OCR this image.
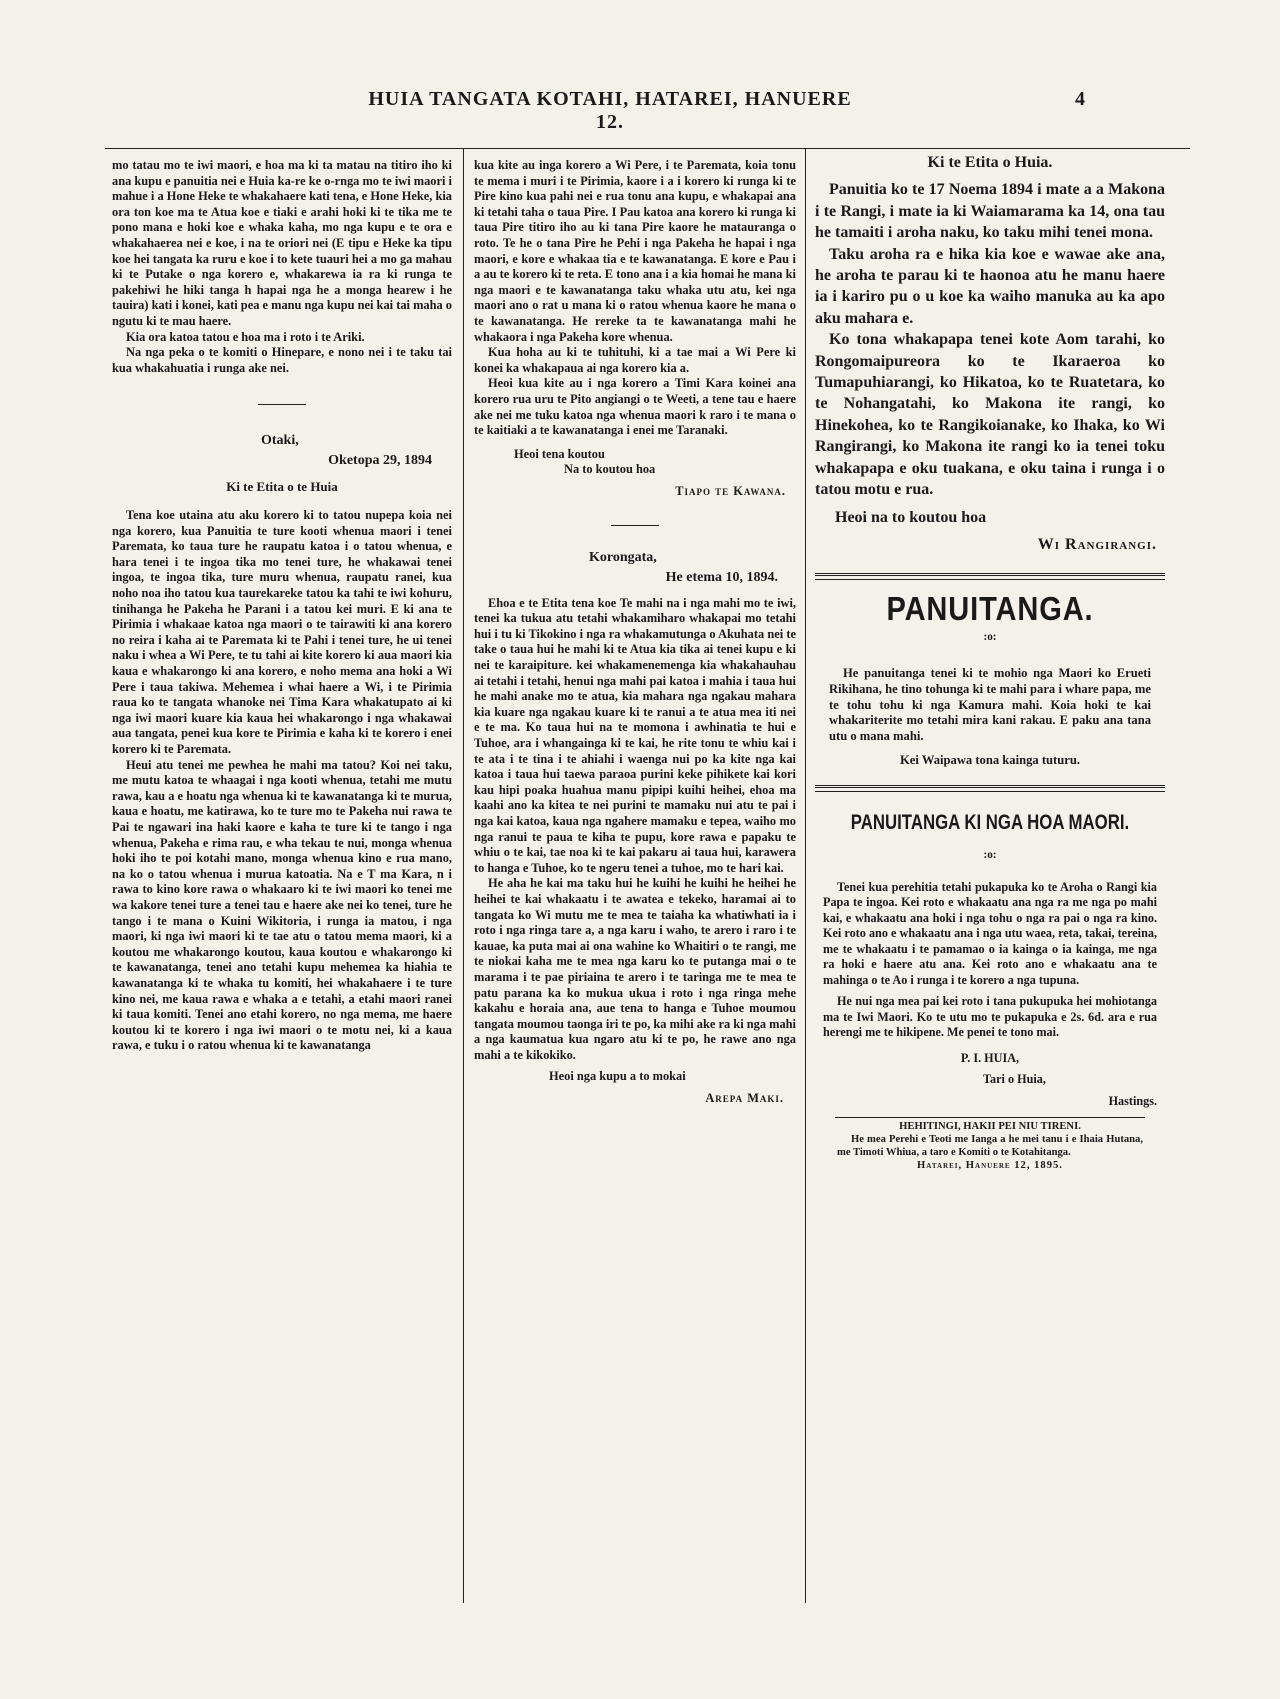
HUIA TANGATA KOTAHI, HATAREI, HANUERE 12.
4

mo tatau mo te iwi maori, e hoa ma ki ta matau na titiro iho ki ana kupu e panuitia nei e Huia ka-re ke o-rnga mo te iwi maori i mahue i a Hone Heke te whakahaere kati tena, e Hone Heke, kia ora ton koe ma te Atua koe e tiaki e arahi hoki ki te tika me te pono mana e hoki koe e whaka kaha, mo nga kupu e te ora e whakahaerea nei e koe, i na te oriori nei (E tipu e Heke ka tipu koe hei tangata ka ruru e koe i to kete tuauri hei a mo ga mahau ki te Putake o nga korero e, whakarewa ia ra ki runga te pakehiwi he hiki tanga h hapai nga he a monga hearew i he tauira) kati i konei, kati pea e manu nga kupu nei kai tai maha o ngutu ki te mau haere.

Kia ora katoa tatou e hoa ma i roto i te Ariki.

Na nga peka o te komiti o Hinepare, e nono nei i te taku tai kua whakahuatia i runga ake nei.

Otaki,

Oketopa 29, 1894

Ki te Etita o te Huia

Tena koe utaina atu aku korero ki to tatou nupepa koia nei nga korero, kua Panuitia te ture kooti whenua maori i tenei Paremata, ko taua ture he raupatu katoa i o tatou whenua, e hara tenei i te ingoa tika mo tenei ture, he whakawai tenei ingoa, te ingoa tika, ture muru whenua, raupatu ranei, kua noho noa iho tatou kua taurekareke tatou ka tahi te iwi kohuru, tinihanga he Pakeha he Parani i a tatou kei muri. E ki ana te Pirimia i whakaae katoa nga maori o te tairawiti ki ana korero no reira i kaha ai te Paremata ki te Pahi i tenei ture, he ui tenei naku i whea a Wi Pere, te tu tahi ai kite korero ki aua maori kia kaua e whakarongo ki ana korero, e noho mema ana hoki a Wi Pere i taua takiwa. Mehemea i whai haere a Wi, i te Pirimia raua ko te tangata whanoke nei Tima Kara whakatupato ai ki nga iwi maori kuare kia kaua hei whakarongo i nga whakawai aua tangata, penei kua kore te Pirimia e kaha ki te korero i enei korero ki te Paremata.

Heui atu tenei me pewhea he mahi ma tatou? Koi nei taku, me mutu katoa te whaagai i nga kooti whenua, tetahi me mutu rawa, kau a e hoatu nga whenua ki te kawanatanga ki te murua, kaua e hoatu, me katirawa, ko te ture mo te Pakeha nui rawa te Pai te ngawari ina haki kaore e kaha te ture ki te tango i nga whenua, Pakeha e rima rau, e wha tekau te nui, monga whenua hoki iho te poi kotahi mano, monga whenua kino e rua mano, na ko o tatou whenua i murua katoatia. Na e T ma Kara, n i rawa to kino kore rawa o whakaaro ki te iwi maori ko tenei me wa kakore tenei ture a tenei tau e haere ake nei ko tenei, ture he tango i te mana o Kuini Wikitoria, i runga ia matou, i nga maori, ki nga iwi maori ki te tae atu o tatou mema maori, ki a koutou me whakarongo koutou, kaua koutou e whakarongo ki te kawanatanga, tenei ano tetahi kupu mehemea ka hiahia te kawanatanga ki te whaka tu komiti, hei whakahaere i te ture kino nei, me kaua rawa e whaka a e tetahi, a etahi maori ranei ki taua komiti. Tenei ano etahi korero, no nga mema, me haere koutou ki te korero i nga iwi maori o te motu nei, ki a kaua rawa, e tuku i o ratou whenua ki te kawanatanga

kua kite au inga korero a Wi Pere, i te Paremata, koia tonu te mema i muri i te Pirimia, kaore i a i korero ki runga ki te Pire kino kua pahi nei e rua tonu ana kupu, e whakapai ana ki tetahi taha o taua Pire. I Pau katoa ana korero ki runga ki taua Pire titiro iho au ki tana Pire kaore he matauranga o roto. Te he o tana Pire he Pehi i nga Pakeha he hapai i nga maori, e kore e whakaa tia e te kawanatanga. E kore e Pau i a au te korero ki te reta. E tono ana i a kia homai he mana ki nga maori e te kawanatanga taku whaka utu atu, kei nga maori ano o rat u mana ki o ratou whenua kaore he mana o te kawanatanga. He rereke ta te kawanatanga mahi he whakaora i nga Pakeha kore whenua.

Kua hoha au ki te tuhituhi, ki a tae mai a Wi Pere ki konei ka whakapaua ai nga korero kia a.

Heoi kua kite au i nga korero a Timi Kara koinei ana korero rua uru te Pito angiangi o te Weeti, a tene tau e haere ake nei me tuku katoa nga whenua maori k raro i te mana o te kaitiaki a te kawanatanga i enei me Taranaki.

Heoi tena koutou

Na to koutou hoa

Tiapo te Kawana.

Korongata,

He etema 10, 1894.

Ehoa e te Etita tena koe Te mahi na i nga mahi mo te iwi, tenei ka tukua atu tetahi whakamiharo whakapai mo tetahi hui i tu ki Tikokino i nga ra whakamutunga o Akuhata nei te take o taua hui he mahi ki te Atua kia tika ai tenei kupu e ki nei te karaipiture. kei whakamenemenga kia whakahauhau ai tetahi i tetahi, henui nga mahi pai katoa i mahia i taua hui he mahi anake mo te atua, kia mahara nga ngakau mahara kia kuare nga ngakau kuare ki te ranui a te atua mea iti nei e te ma. Ko taua hui na te momona i awhinatia te hui e Tuhoe, ara i whangainga ki te kai, he rite tonu te whiu kai i te ata i te tina i te ahiahi i waenga nui po ka kite nga kai katoa i taua hui taewa paraoa purini keke pihikete kai kori kau hipi poaka huahua manu pipipi kuihi heihei, ehoa ma kaahi ano ka kitea te nei purini te mamaku nui atu te pai i nga kai katoa, kaua nga ngahere mamaku e tepea, waiho mo nga ranui te paua te kiha te pupu, kore rawa e papaku te whiu o te kai, tae noa ki te kai pakaru ai taua hui, karawera to hanga e Tuhoe, ko te ngeru tenei a tuhoe, mo te hari kai.

He aha he kai ma taku hui he kuihi he kuihi he heihei he heihei te kai whakaatu i te awatea e tekeko, haramai ai to tangata ko Wi mutu me te mea te taiaha ka whatiwhati ia i roto i nga ringa tare a, a nga karu i waho, te arero i raro i te kauae, ka puta mai ai ona wahine ko Whaitiri o te rangi, me te niokai kaha me te mea nga karu ko te putanga mai o te marama i te pae piriaina te arero i te taringa me te mea te patu parana ka ko mukua ukua i roto i nga ringa mehe kakahu e horaia ana, aue tena to hanga e Tuhoe moumou tangata moumou taonga iri te po, ka mihi ake ra ki nga mahi a nga kaumatua kua ngaro atu ki te po, he rawe ano nga mahi a te kikokiko.

Heoi nga kupu a to mokai

Arepa Maki.

Ki te Etita o Huia.

Panuitia ko te 17 Noema 1894 i mate a a Makona i te Rangi, i mate ia ki Waiamarama ka 14, ona tau he tamaiti i aroha naku, ko taku mihi tenei mona.

Taku aroha ra e hika kia koe e wawae ake ana, he aroha te parau ki te haonoa atu he manu haere ia i kariro pu o u koe ka waiho manuka au ka apo aku mahara e.

Ko tona whakapapa tenei kote Aom tarahi, ko Rongomaipureora ko te Ikaraeroa ko Tumapuhiarangi, ko Hikatoa, ko te Ruatetara, ko te Nohangatahi, ko Makona ite rangi, ko Hinekohea, ko te Rangikoianake, ko Ihaka, ko Wi Rangirangi, ko Makona ite rangi ko ia tenei toku whakapapa e oku tuakana, e oku taina i runga i o tatou motu e rua.

Heoi na to koutou hoa

Wi Rangirangi.

PANUITANGA.

:o:

He panuitanga tenei ki te mohio nga Maori ko Erueti Rikihana, he tino tohunga ki te mahi para i whare papa, me te tohu tohu ki nga Kamura mahi. Koia hoki te kai whakariterite mo tetahi mira kani rakau. E paku ana tana utu o mana mahi.

Kei Waipawa tona kainga tuturu.

PANUITANGA KI NGA HOA MAORI.

:o:

Tenei kua perehitia tetahi pukapuka ko te Aroha o Rangi kia Papa te ingoa. Kei roto e whakaatu ana nga ra me nga po mahi kai, e whakaatu ana hoki i nga tohu o nga ra pai o nga ra kino. Kei roto ano e whakaatu ana i nga utu waea, reta, takai, tereina, me te whakaatu i te pamamao o ia kainga o ia kainga, me nga ra hoki e haere atu ana. Kei roto ano e whakaatu ana te mahinga o te Ao i runga i te korero a nga tupuna.

He nui nga mea pai kei roto i tana pukupuka hei mohiotanga ma te Iwi Maori. Ko te utu mo te pukapuka e 2s. 6d. ara e rua herengi me te hikipene. Me penei te tono mai.

P. I. HUIA,

Tari o Huia,

Hastings.

HEHITINGI, HAKII PEI NIU TIRENI.

He mea Perehi e Teoti me Ianga a he mei tanu i e Ihaia Hutana, me Timoti Whiua, a taro e Komiti o te Kotahitanga.

Hatarei, Hanuere 12, 1895.
